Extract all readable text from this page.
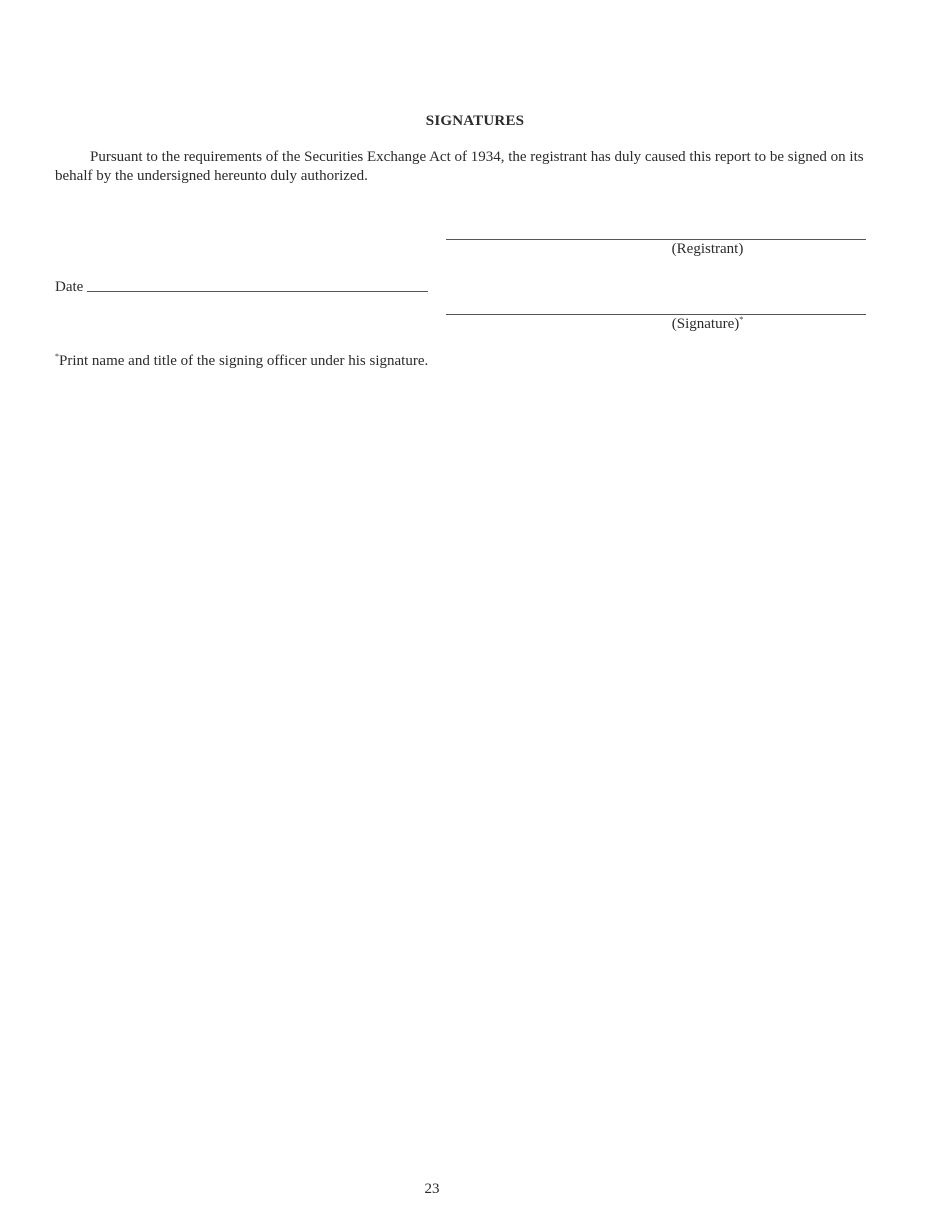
SIGNATURES

Pursuant to the requirements of the Securities Exchange Act of 1934, the registrant has duly caused this report to be signed on its behalf by the undersigned hereunto duly authorized.

(Registrant)
Date
(Signature)*
*Print name and title of the signing officer under his signature.
23
